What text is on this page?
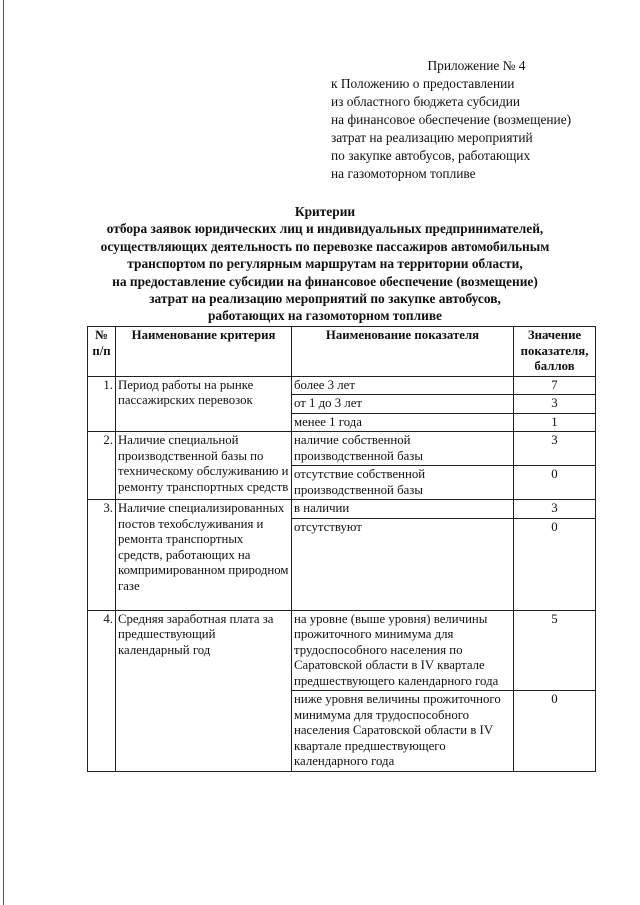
Приложение № 4
к Положению о предоставлении
из областного бюджета субсидии
на финансовое обеспечение (возмещение)
затрат на реализацию мероприятий
по закупке автобусов, работающих
на газомоторном топливе
Критерии
отбора заявок юридических лиц и индивидуальных предпринимателей,
осуществляющих деятельность по перевозке пассажиров автомобильным
транспортом по регулярным маршрутам на территории области,
на предоставление субсидии на финансовое обеспечение (возмещение)
затрат на реализацию мероприятий по закупке автобусов,
работающих на газомоторном топливе
№ п/п	Наименование критерия	Наименование показателя	Значение показателя, баллов
1.	Период работы на рынке пассажирских перевозок	более 3 лет	7
		от 1 до 3 лет	3
		менее 1 года	1
2.	Наличие специальной производственной базы по техническому обслуживанию и ремонту транспортных средств	наличие собственной производственной базы	3
		отсутствие собственной производственной базы	0
3.	Наличие специализированных постов техобслуживания и ремонта транспортных средств, работающих на компримированном природном газе	в наличии	3
		отсутствуют	0
4.	Средняя заработная плата за предшествующий календарный год	на уровне (выше уровня) величины прожиточного минимума для трудоспособного населения по Саратовской области в IV квартале предшествующего календарного года	5
		ниже уровня величины прожиточного минимума для трудоспособного населения Саратовской области в IV квартале предшествующего календарного года	0
